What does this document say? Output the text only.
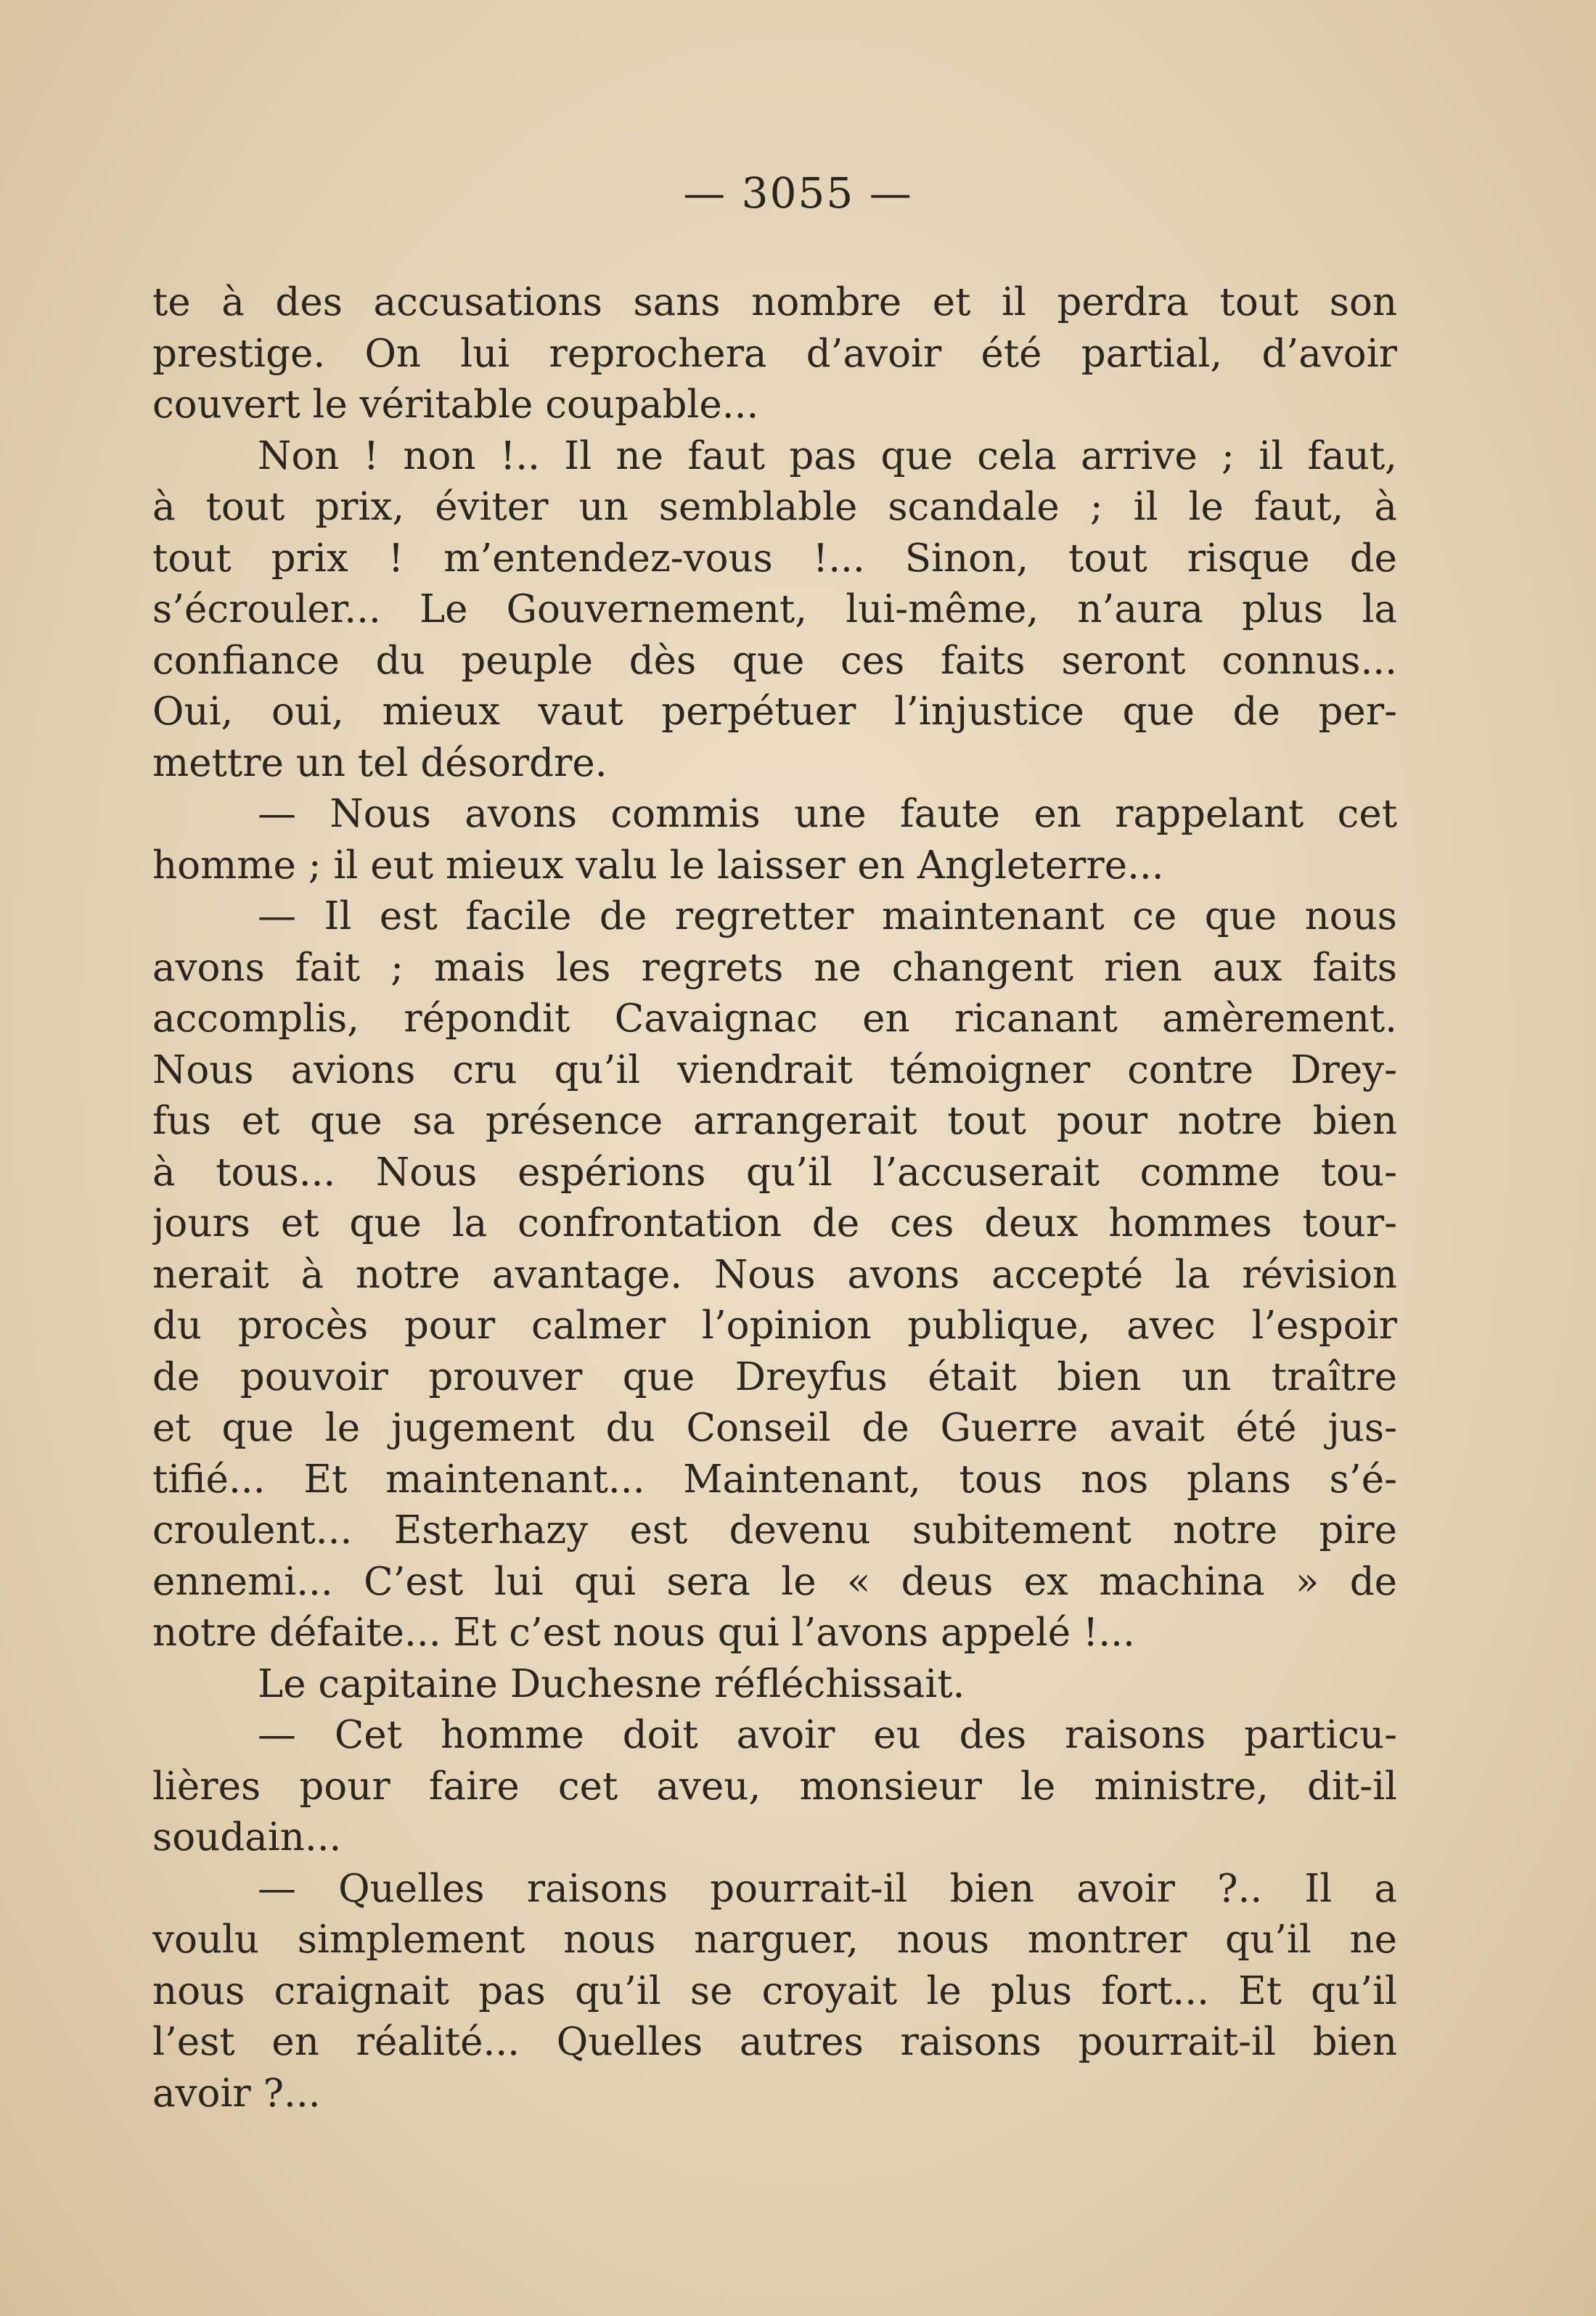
— 3055 —
te à des accusations sans nombre et il perdra tout son
prestige. On lui reprochera d’avoir été partial, d’avoir
couvert le véritable coupable...
Non ! non !.. Il ne faut pas que cela arrive ; il faut,
à tout prix, éviter un semblable scandale ; il le faut, à
tout prix ! m’entendez-vous !... Sinon, tout risque de
s’écrouler... Le Gouvernement, lui-même, n’aura plus la
confiance du peuple dès que ces faits seront connus...
Oui, oui, mieux vaut perpétuer l’injustice que de per-
mettre un tel désordre.
— Nous avons commis une faute en rappelant cet
homme ; il eut mieux valu le laisser en Angleterre...
— Il est facile de regretter maintenant ce que nous
avons fait ; mais les regrets ne changent rien aux faits
accomplis, répondit Cavaignac en ricanant amèrement.
Nous avions cru qu’il viendrait témoigner contre Drey-
fus et que sa présence arrangerait tout pour notre bien
à tous... Nous espérions qu’il l’accuserait comme tou-
jours et que la confrontation de ces deux hommes tour-
nerait à notre avantage. Nous avons accepté la révision
du procès pour calmer l’opinion publique, avec l’espoir
de pouvoir prouver que Dreyfus était bien un traître
et que le jugement du Conseil de Guerre avait été jus-
tifié... Et maintenant... Maintenant, tous nos plans s’é-
croulent... Esterhazy est devenu subitement notre pire
ennemi... C’est lui qui sera le « deus ex machina » de
notre défaite... Et c’est nous qui l’avons appelé !...
Le capitaine Duchesne réfléchissait.
— Cet homme doit avoir eu des raisons particu-
lières pour faire cet aveu, monsieur le ministre, dit-il
soudain...
— Quelles raisons pourrait-il bien avoir ?.. Il a
voulu simplement nous narguer, nous montrer qu’il ne
nous craignait pas qu’il se croyait le plus fort... Et qu’il
l’est en réalité... Quelles autres raisons pourrait-il bien
avoir ?...
